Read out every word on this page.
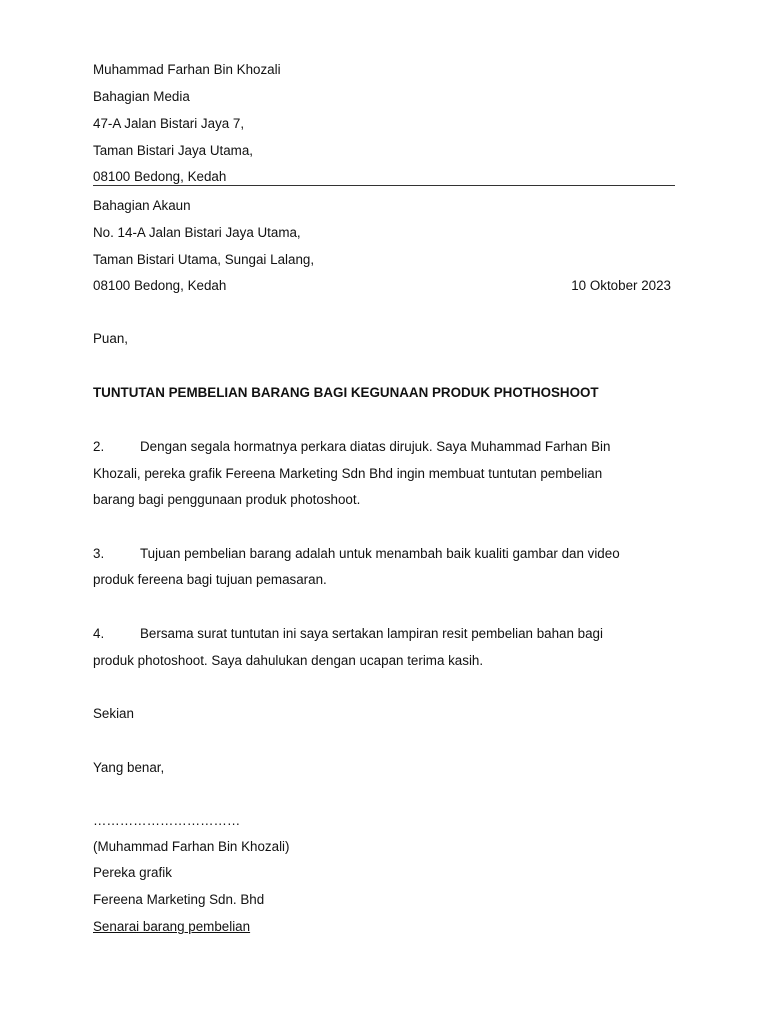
Muhammad Farhan Bin Khozali
Bahagian Media
47-A Jalan Bistari Jaya 7,
Taman Bistari Jaya Utama,
08100 Bedong, Kedah
Bahagian Akaun
No. 14-A Jalan Bistari Jaya Utama,
Taman Bistari Utama, Sungai Lalang,
08100 Bedong, Kedah	10 Oktober 2023
Puan,
TUNTUTAN PEMBELIAN BARANG BAGI KEGUNAAN PRODUK PHOTHOSHOOT
2.	Dengan segala hormatnya perkara diatas dirujuk. Saya Muhammad Farhan Bin
Khozali, pereka grafik Fereena Marketing Sdn Bhd ingin membuat tuntutan pembelian
barang bagi penggunaan produk photoshoot.
3.	Tujuan pembelian barang adalah untuk menambah baik kualiti gambar dan video
produk fereena bagi tujuan pemasaran.
4.	Bersama surat tuntutan ini saya sertakan lampiran resit pembelian bahan bagi
produk photoshoot. Saya dahulukan dengan ucapan terima kasih.
Sekian
Yang benar,
……………………………
(Muhammad Farhan Bin Khozali)
Pereka grafik
Fereena Marketing Sdn. Bhd
Senarai barang pembelian
